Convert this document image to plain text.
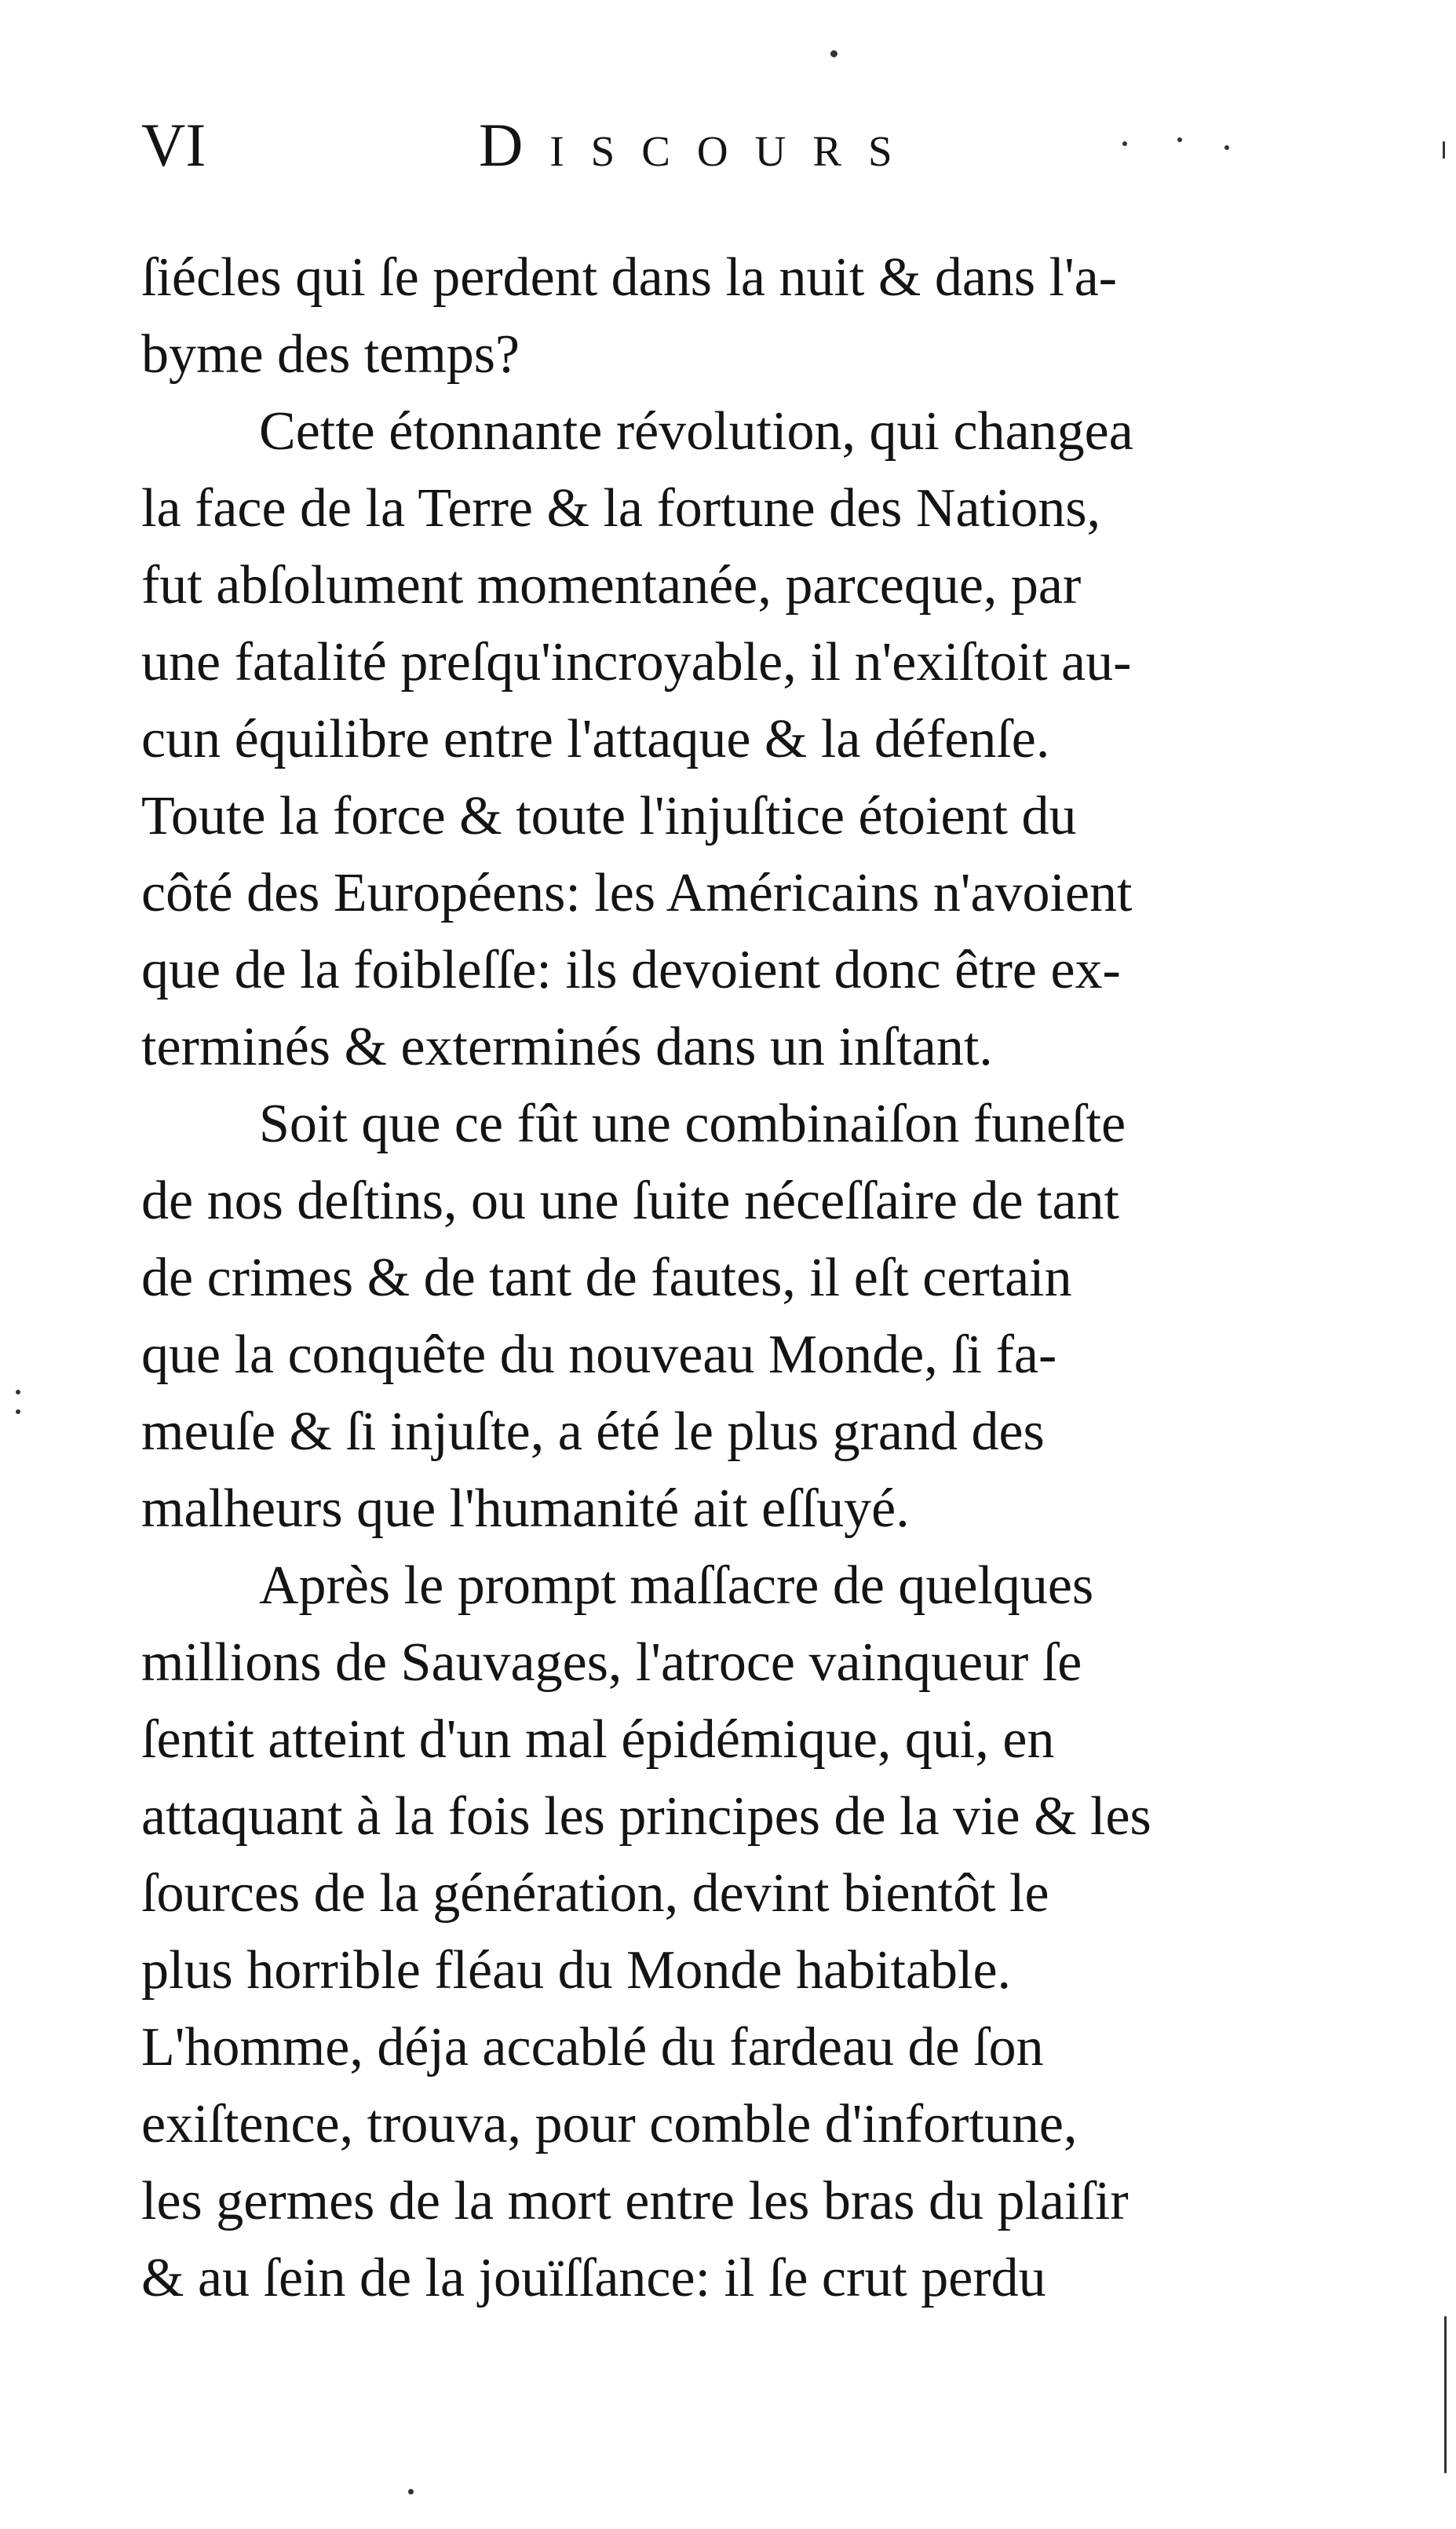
VI	Discours
ſiécles qui ſe perdent dans la nuit & dans l'a-
byme des temps?
Cette étonnante révolution, qui changea
la face de la Terre & la fortune des Nations,
fut abſolument momentanée, parceque, par
une fatalité preſqu'incroyable, il n'exiſtoit au-
cun équilibre entre l'attaque & la défenſe.
Toute la force & toute l'injuſtice étoient du
côté des Européens: les Américains n'avoient
que de la foibleſſe: ils devoient donc être ex-
terminés & exterminés dans un inſtant.
Soit que ce fût une combinaiſon funeſte
de nos deſtins, ou une ſuite néceſſaire de tant
de crimes & de tant de fautes, il eſt certain
que la conquête du nouveau Monde, ſi fa-
meuſe & ſi injuſte, a été le plus grand des
malheurs que l'humanité ait eſſuyé.
Après le prompt maſſacre de quelques
millions de Sauvages, l'atroce vainqueur ſe
ſentit atteint d'un mal épidémique, qui, en
attaquant à la fois les principes de la vie & les
ſources de la génération, devint bientôt le
plus horrible fléau du Monde habitable.
L'homme, déja accablé du fardeau de ſon
exiſtence, trouva, pour comble d'infortune,
les germes de la mort entre les bras du plaiſir
& au ſein de la jouïſſance: il ſe crut perdu
